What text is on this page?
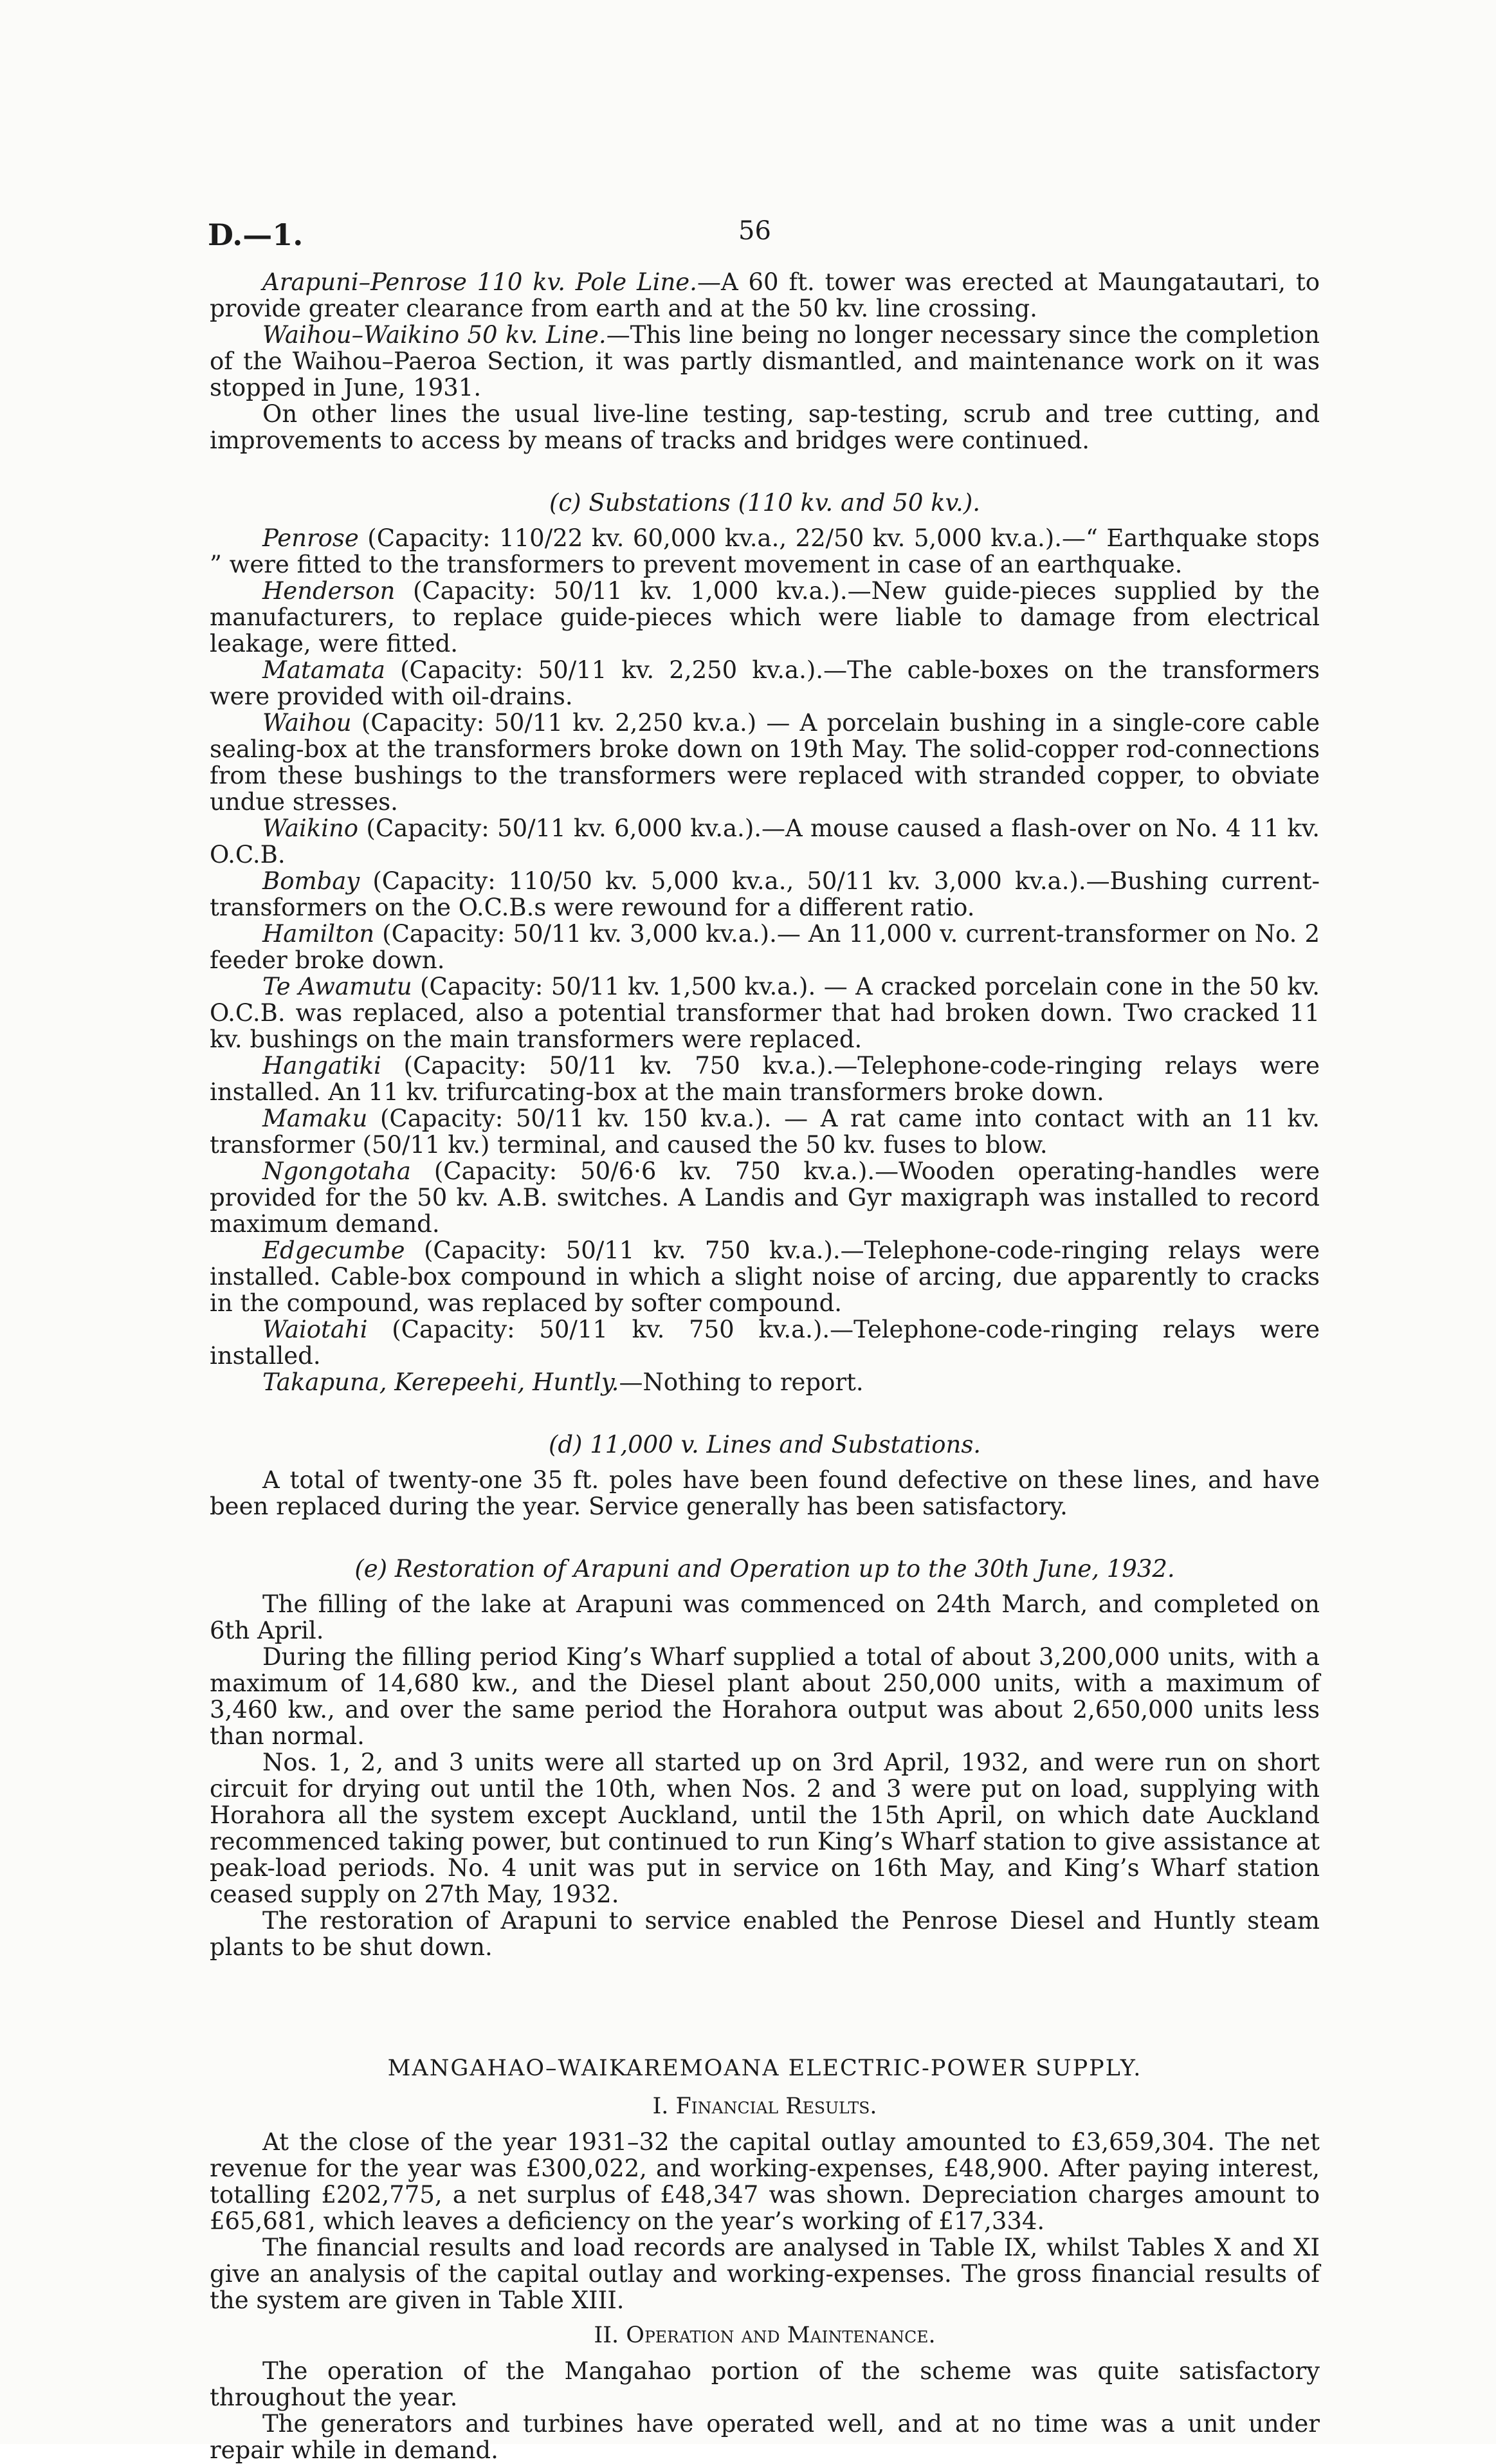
D.—1.	56

Arapuni–Penrose 110 kv. Pole Line.—A 60 ft. tower was erected at Maungatautari, to provide greater clearance from earth and at the 50 kv. line crossing.

Waihou–Waikino 50 kv. Line.—This line being no longer necessary since the completion of the Waihou–Paeroa Section, it was partly dismantled, and maintenance work on it was stopped in June, 1931.

On other lines the usual live-line testing, sap-testing, scrub and tree cutting, and improvements to access by means of tracks and bridges were continued.

(c) Substations (110 kv. and 50 kv.).

Penrose (Capacity: 110/22 kv. 60,000 kv.a., 22/50 kv. 5,000 kv.a.).—“ Earthquake stops ” were fitted to the transformers to prevent movement in case of an earthquake.

Henderson (Capacity: 50/11 kv. 1,000 kv.a.).—New guide-pieces supplied by the manufacturers, to replace guide-pieces which were liable to damage from electrical leakage, were fitted.

Matamata (Capacity: 50/11 kv. 2,250 kv.a.).—The cable-boxes on the transformers were provided with oil-drains.

Waihou (Capacity: 50/11 kv. 2,250 kv.a.) — A porcelain bushing in a single-core cable sealing-box at the transformers broke down on 19th May. The solid-copper rod-connections from these bushings to the transformers were replaced with stranded copper, to obviate undue stresses.

Waikino (Capacity: 50/11 kv. 6,000 kv.a.).—A mouse caused a flash-over on No. 4 11 kv. O.C.B.

Bombay (Capacity: 110/50 kv. 5,000 kv.a., 50/11 kv. 3,000 kv.a.).—Bushing current-transformers on the O.C.B.s were rewound for a different ratio.

Hamilton (Capacity: 50/11 kv. 3,000 kv.a.).— An 11,000 v. current-transformer on No. 2 feeder broke down.

Te Awamutu (Capacity: 50/11 kv. 1,500 kv.a.). — A cracked porcelain cone in the 50 kv. O.C.B. was replaced, also a potential transformer that had broken down. Two cracked 11 kv. bushings on the main transformers were replaced.

Hangatiki (Capacity: 50/11 kv. 750 kv.a.).—Telephone-code-ringing relays were installed. An 11 kv. trifurcating-box at the main transformers broke down.

Mamaku (Capacity: 50/11 kv. 150 kv.a.). — A rat came into contact with an 11 kv. transformer (50/11 kv.) terminal, and caused the 50 kv. fuses to blow.

Ngongotaha (Capacity: 50/6·6 kv. 750 kv.a.).—Wooden operating-handles were provided for the 50 kv. A.B. switches. A Landis and Gyr maxigraph was installed to record maximum demand.

Edgecumbe (Capacity: 50/11 kv. 750 kv.a.).—Telephone-code-ringing relays were installed. Cable-box compound in which a slight noise of arcing, due apparently to cracks in the compound, was replaced by softer compound.

Waiotahi (Capacity: 50/11 kv. 750 kv.a.).—Telephone-code-ringing relays were installed.

Takapuna, Kerepeehi, Huntly.—Nothing to report.

(d) 11,000 v. Lines and Substations.

A total of twenty-one 35 ft. poles have been found defective on these lines, and have been replaced during the year. Service generally has been satisfactory.

(e) Restoration of Arapuni and Operation up to the 30th June, 1932.

The filling of the lake at Arapuni was commenced on 24th March, and completed on 6th April.

During the filling period King’s Wharf supplied a total of about 3,200,000 units, with a maximum of 14,680 kw., and the Diesel plant about 250,000 units, with a maximum of 3,460 kw., and over the same period the Horahora output was about 2,650,000 units less than normal.

Nos. 1, 2, and 3 units were all started up on 3rd April, 1932, and were run on short circuit for drying out until the 10th, when Nos. 2 and 3 were put on load, supplying with Horahora all the system except Auckland, until the 15th April, on which date Auckland recommenced taking power, but continued to run King’s Wharf station to give assistance at peak-load periods. No. 4 unit was put in service on 16th May, and King’s Wharf station ceased supply on 27th May, 1932.

The restoration of Arapuni to service enabled the Penrose Diesel and Huntly steam plants to be shut down.

MANGAHAO–WAIKAREMOANA ELECTRIC-POWER SUPPLY.
I. Financial Results.

At the close of the year 1931–32 the capital outlay amounted to £3,659,304. The net revenue for the year was £300,022, and working-expenses, £48,900. After paying interest, totalling £202,775, a net surplus of £48,347 was shown. Depreciation charges amount to £65,681, which leaves a deficiency on the year’s working of £17,334.

The financial results and load records are analysed in Table IX, whilst Tables X and XI give an analysis of the capital outlay and working-expenses. The gross financial results of the system are given in Table XIII.

II. Operation and Maintenance.

The operation of the Mangahao portion of the scheme was quite satisfactory throughout the year.

The generators and turbines have operated well, and at no time was a unit under repair while in demand.
